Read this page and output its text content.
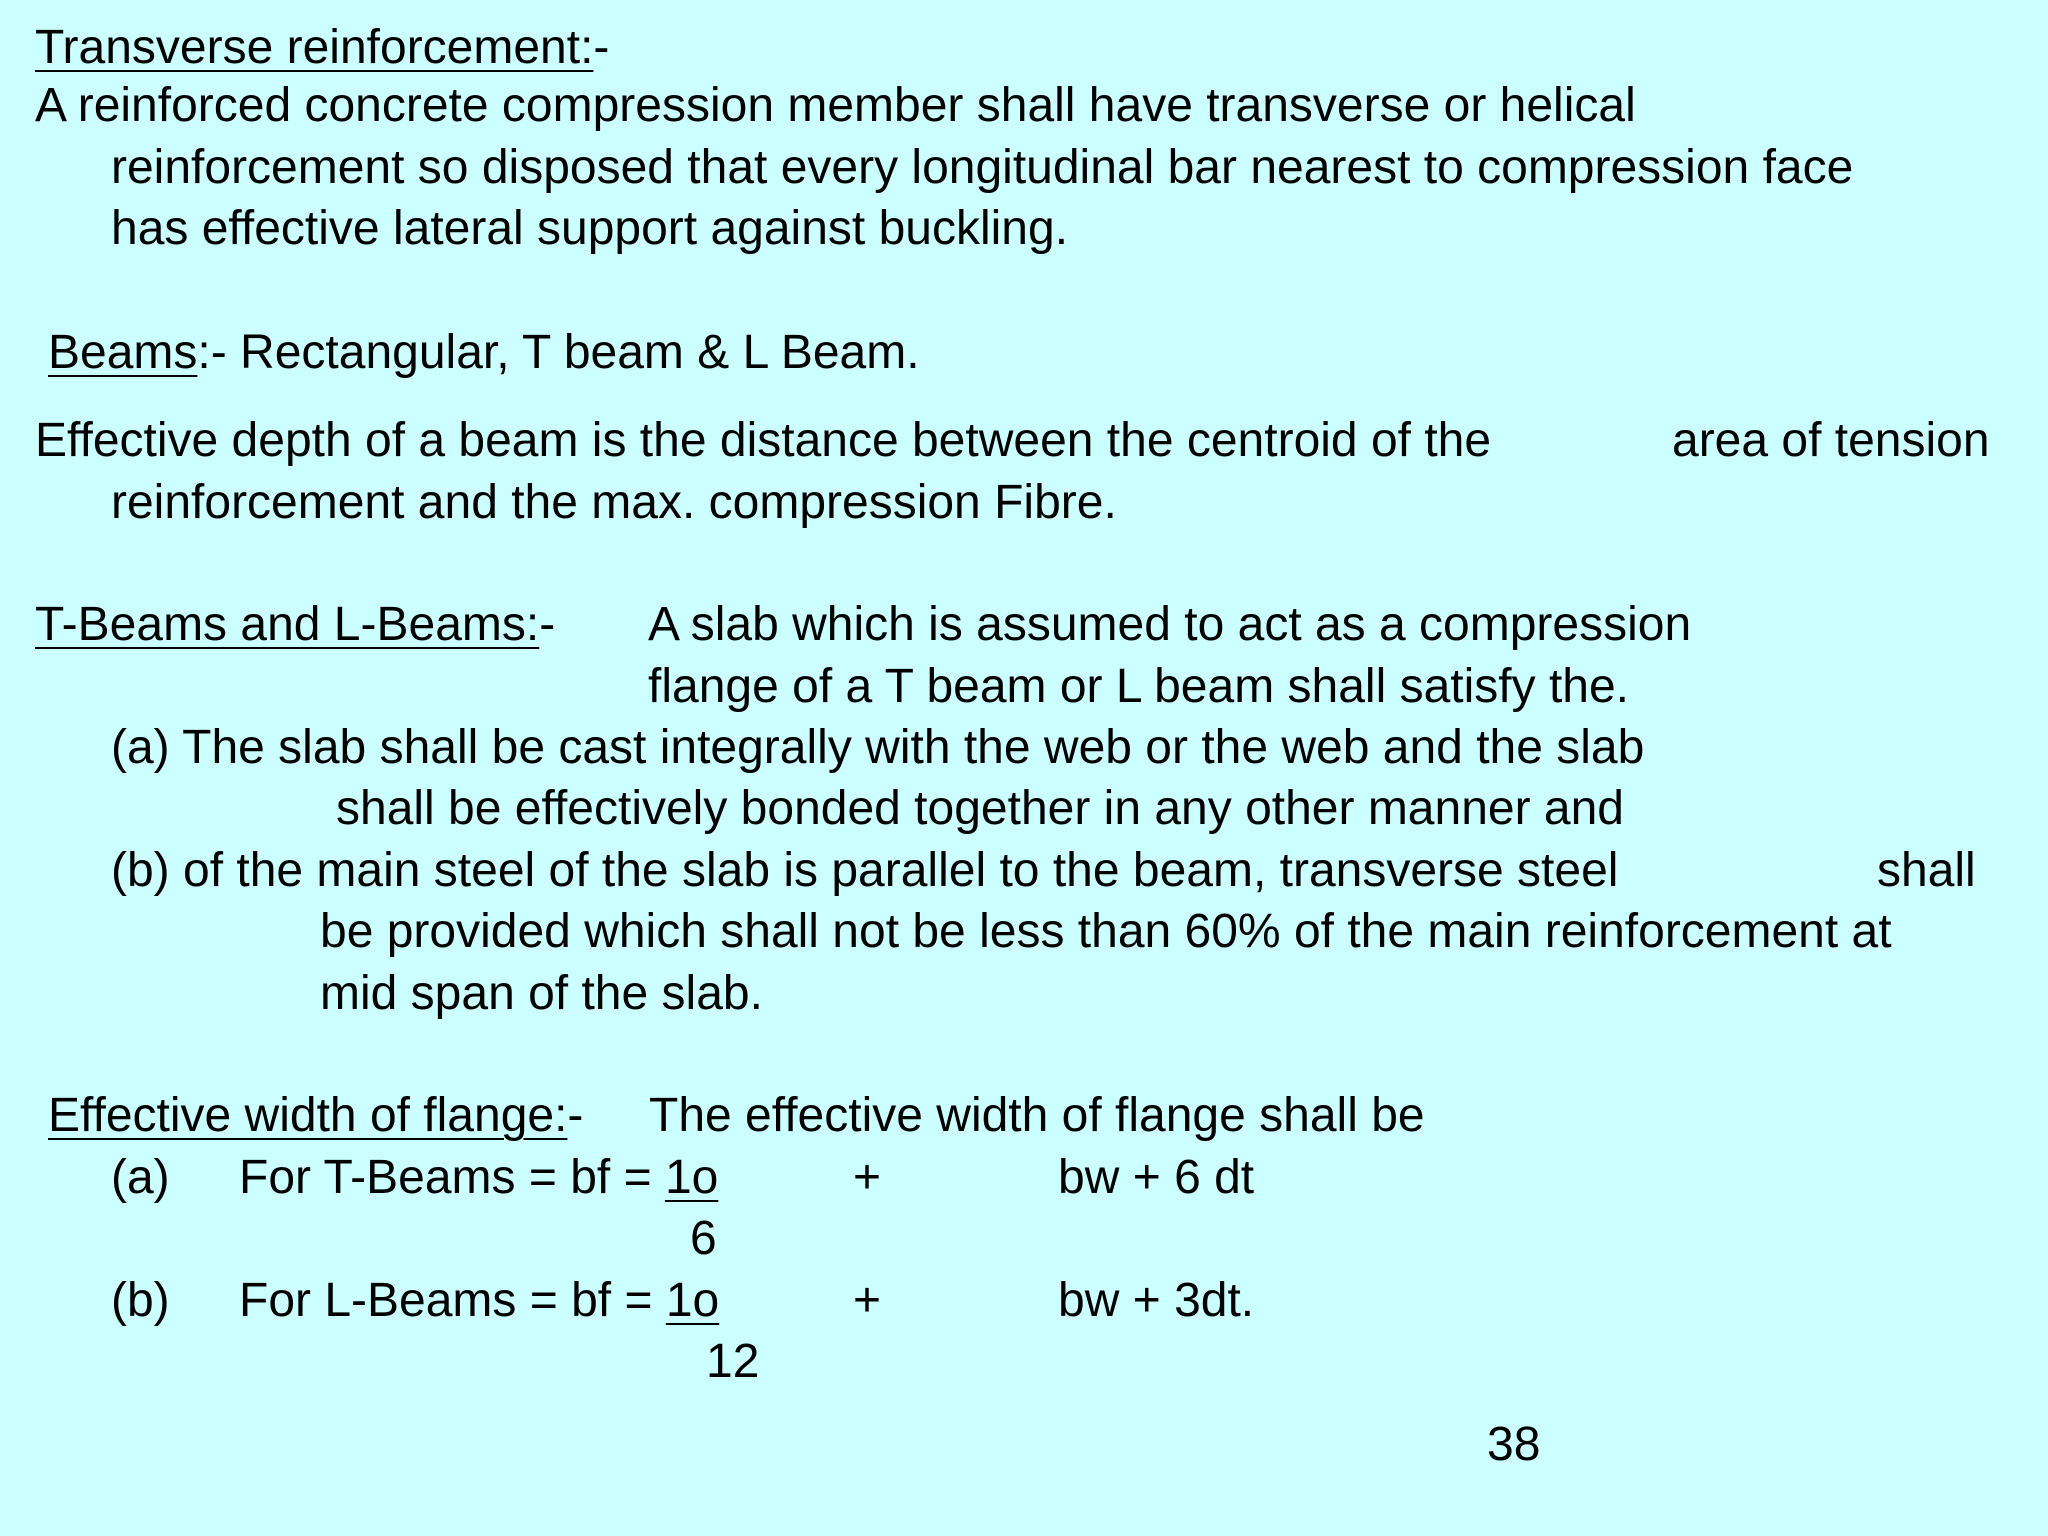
Transverse reinforcement:-
A reinforced concrete compression member shall have transverse or helical
reinforcement so disposed that every longitudinal bar nearest to compression face
has effective lateral support against buckling.
Beams:- Rectangular, T beam & L Beam.
Effective depth of a beam is the distance between the centroid of the	area of tension
reinforcement and the max. compression Fibre.
T-Beams and L-Beams:- A slab which is assumed to act as a compression
flange of a T beam or L beam shall satisfy the.
(a) The slab shall be cast integrally with the web or the web and the slab
shall be effectively bonded together in any other manner and
(b) of the main steel of the slab is parallel to the beam, transverse steel	shall
be provided which shall not be less than 60% of the main reinforcement at
mid span of the slab.
Effective width of flange:- The effective width of flange shall be
(a) For T-Beams = bf = 1o	+	bw + 6 dt
6
(b) For L-Beams = bf = 1o	+	bw + 3dt.
12
38
